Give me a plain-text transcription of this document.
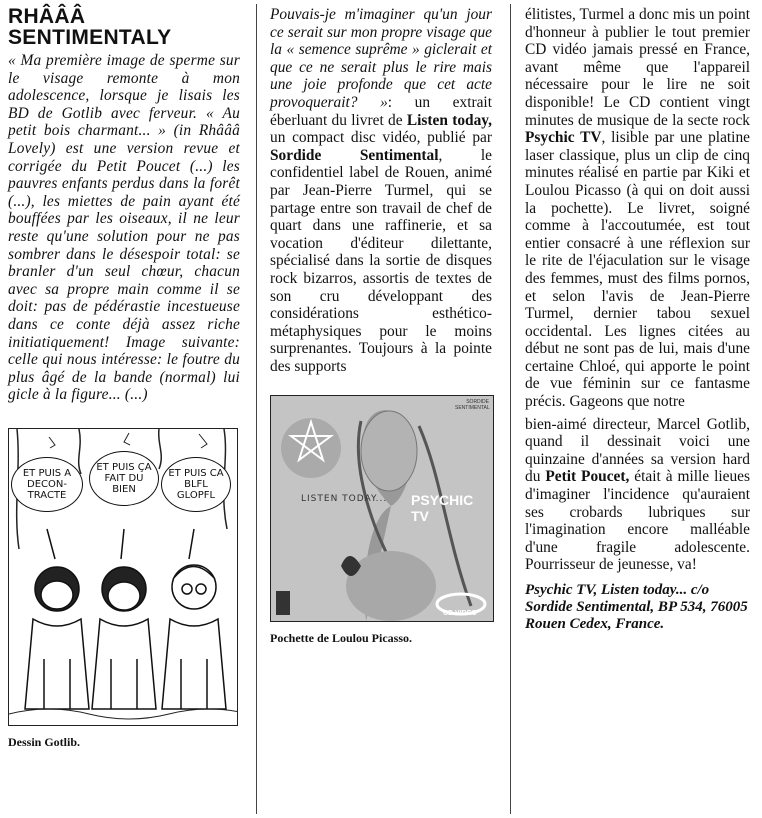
RHÂÂÂ
SENTIMENTALY

« Ma première image de sperme sur le visage remonte à mon adolescence, lorsque je lisais les BD de Gotlib avec ferveur. « Au petit bois charmant... » (in Rhâââ Lovely) est une version revue et corrigée du Petit Poucet (...) les pauvres enfants perdus dans la forêt (...), les miettes de pain ayant été bouffées par les oiseaux, il ne leur reste qu'une solution pour ne pas sombrer dans le désespoir total: se branler d'un seul chœur, chacun avec sa propre main comme il se doit: pas de pédérastie incestueuse dans ce conte déjà assez riche initiatiquement! Image suivante: celle qui nous intéresse: le foutre du plus âgé de la bande (normal) lui gicle à la figure... (...)

ET PUIS A DECON-TRACTE
ET PUIS ÇA FAIT DU BIEN
ET PUIS CA BLFL GLOPFL
Dessin Gotlib.

Pouvais-je m'imaginer qu'un jour ce serait sur mon propre visage que la « semence suprême » giclerait et que ce ne serait plus le rire mais une joie profonde que cet acte provoquerait? »: un extrait éberluant du livret de Listen today, un compact disc vidéo, publié par Sordide Sentimental, le confidentiel label de Rouen, animé par Jean-Pierre Turmel, qui se partage entre son travail de chef de quart dans une raffinerie, et sa vocation d'éditeur dilettante, spécialisé dans la sortie de disques rock bizarros, assortis de textes de son cru développant des considérations esthético-métaphysiques pour le moins surprenantes. Toujours à la pointe des supports

LISTEN TODAY... PSYCHIC TV
CD VIDEO
SORDIDE SENTIMENTAL
Pochette de Loulou Picasso.

élitistes, Turmel a donc mis un point d'honneur à publier le tout premier CD vidéo jamais pressé en France, avant même que l'appareil nécessaire pour le lire ne soit disponible! Le CD contient vingt minutes de musique de la secte rock Psychic TV, lisible par une platine laser classique, plus un clip de cinq minutes réalisé en partie par Kiki et Loulou Picasso (à qui on doit aussi la pochette). Le livret, soigné comme à l'accoutumée, est tout entier consacré à une réflexion sur le rite de l'éjaculation sur le visage des femmes, must des films pornos, et selon l'avis de Jean-Pierre Turmel, dernier tabou sexuel occidental. Les lignes citées au début ne sont pas de lui, mais d'une certaine Chloé, qui apporte le point de vue féminin sur ce fantasme précis. Gageons que notre

bien-aimé directeur, Marcel Gotlib, quand il dessinait voici une quinzaine d'années sa version hard du Petit Poucet, était à mille lieues d'imaginer l'incidence qu'auraient ses crobards lubriques sur l'imagination encore malléable d'une fragile adolescente. Pourrisseur de jeunesse, va!

Psychic TV, Listen today... c/o Sordide Sentimental, BP 534, 76005 Rouen Cedex, France.
